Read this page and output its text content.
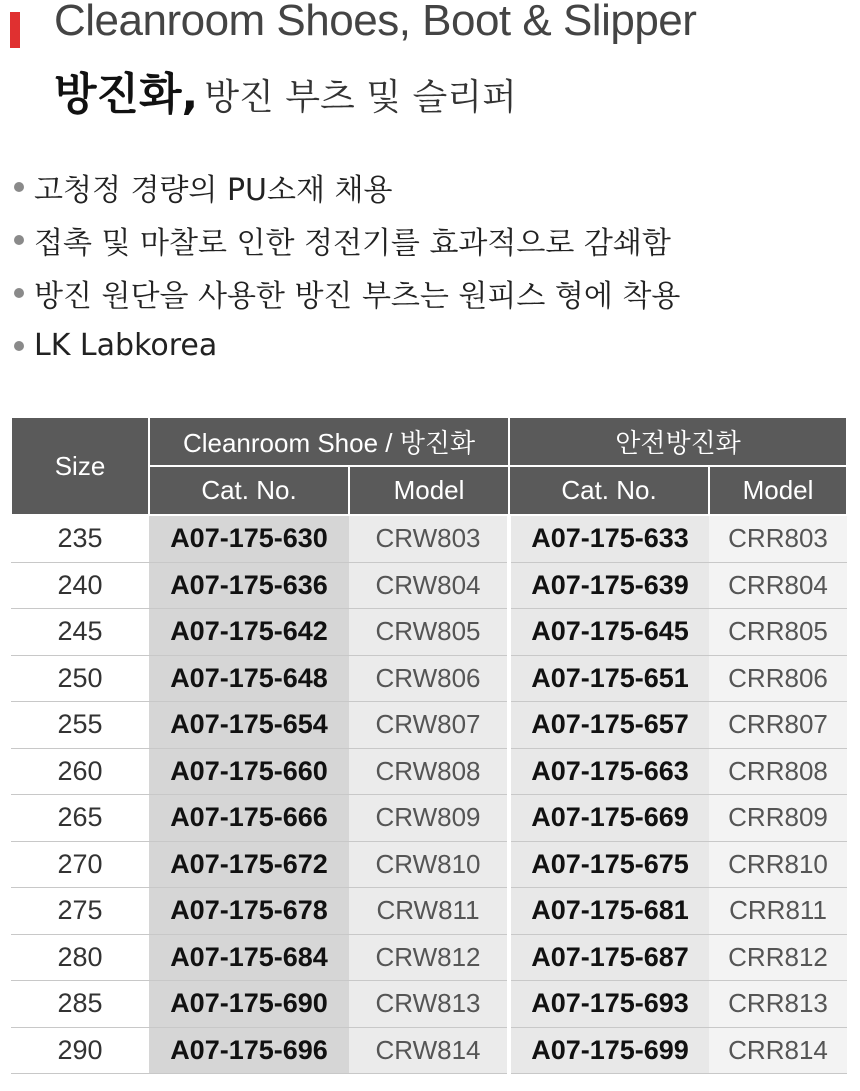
Cleanroom Shoes, Boot & Slipper
방진화, 방진 부츠 및 슬리퍼
고청정 경량의 PU소재 채용
접촉 및 마찰로 인한 정전기를 효과적으로 감쇄함
방진 원단을 사용한 방진 부츠는 원피스 형에 착용
LK Labkorea
Size	Cleanroom Shoe / 방진화		안전방진화	
	Cat. No.	Model	Cat. No.	Model
235	A07-175-630	CRW803	A07-175-633	CRR803
240	A07-175-636	CRW804	A07-175-639	CRR804
245	A07-175-642	CRW805	A07-175-645	CRR805
250	A07-175-648	CRW806	A07-175-651	CRR806
255	A07-175-654	CRW807	A07-175-657	CRR807
260	A07-175-660	CRW808	A07-175-663	CRR808
265	A07-175-666	CRW809	A07-175-669	CRR809
270	A07-175-672	CRW810	A07-175-675	CRR810
275	A07-175-678	CRW811	A07-175-681	CRR811
280	A07-175-684	CRW812	A07-175-687	CRR812
285	A07-175-690	CRW813	A07-175-693	CRR813
290	A07-175-696	CRW814	A07-175-699	CRR814
